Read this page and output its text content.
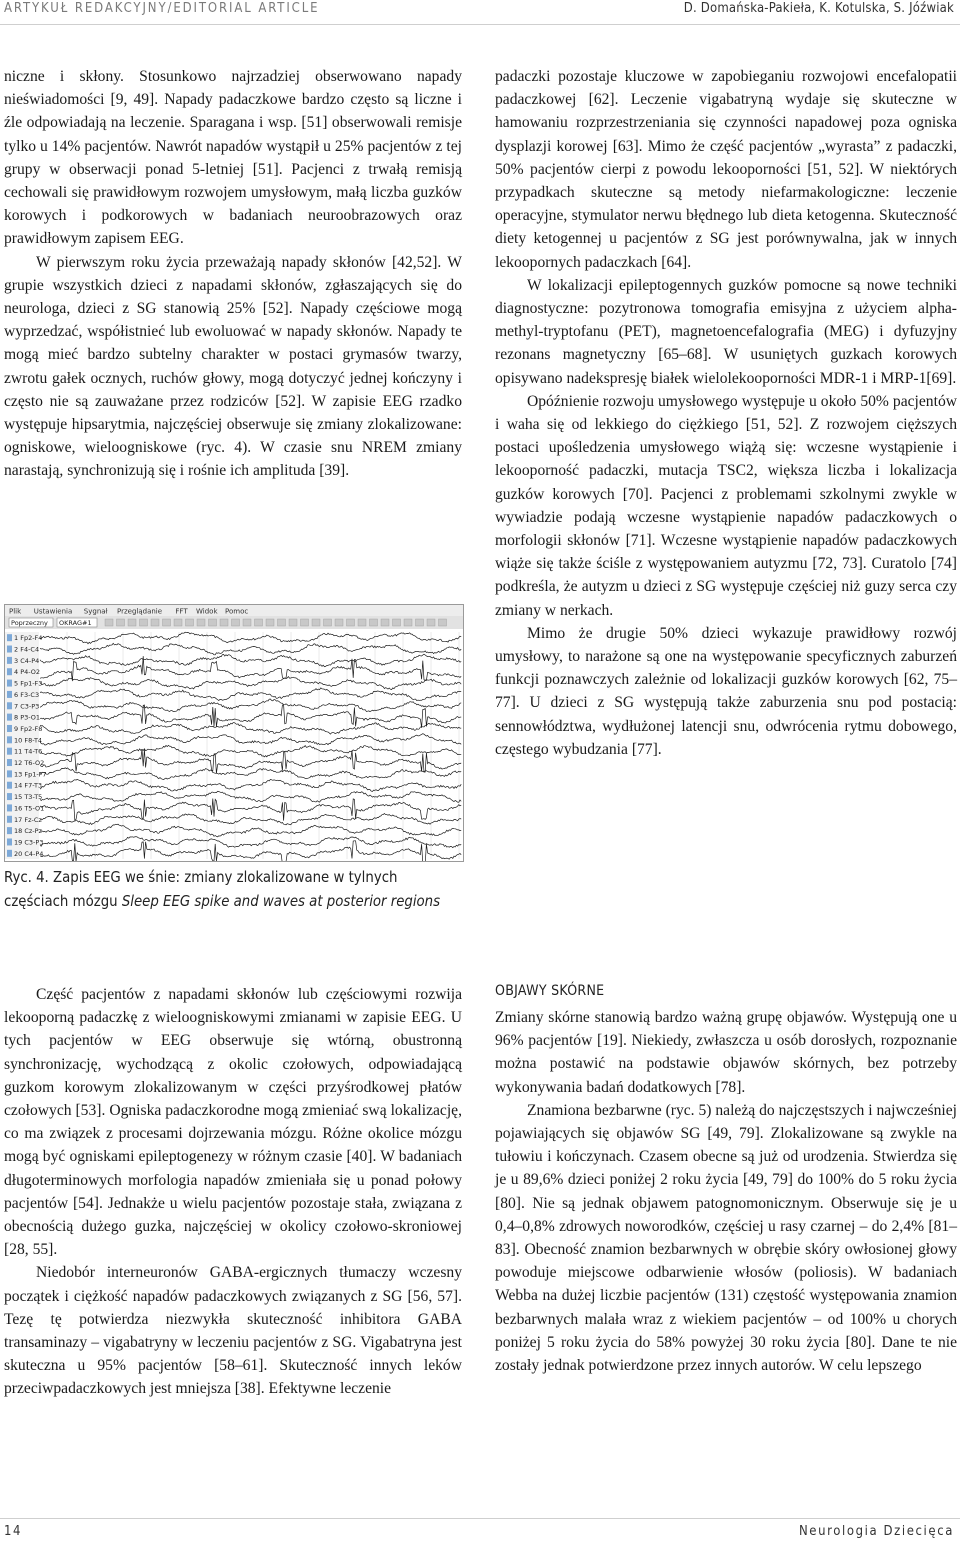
ARTYKUŁ REDAKCYJNY/EDITORIAL ARTICLE	D. Domańska-Pakieła, K. Kotulska, S. Jóźwiak

niczne i skłony. Stosunkowo najrzadziej obserwowano napady nieświadomości [9, 49]. Napady padaczkowe bardzo często są liczne i źle odpowiadają na leczenie. Sparagana i wsp. [51] obserwowali remisje tylko u 14% pacjentów. Nawrót napadów wystąpił u 25% pacjentów z tej grupy w obserwacji ponad 5-letniej [51]. Pacjenci z trwałą remisją cechowali się prawidłowym rozwojem umysłowym, małą liczba guzków korowych i podkorowych w badaniach neuroobrazowych oraz prawidłowym zapisem EEG.

W pierwszym roku życia przeważają napady skłonów [42,52]. W grupie wszystkich dzieci z napadami skłonów, zgłaszających się do neurologa, dzieci z SG stanowią 25% [52]. Napady częściowe mogą wyprzedzać, współistnieć lub ewoluować w napady skłonów. Napady te mogą mieć bardzo subtelny charakter w postaci grymasów twarzy, zwrotu gałek ocznych, ruchów głowy, mogą dotyczyć jednej kończyny i często nie są zauważane przez rodziców [52]. W zapisie EEG rzadko występuje hipsarytmia, najczęściej obserwuje się zmiany zlokalizowane: ogniskowe, wieloogniskowe (ryc. 4). W czasie snu NREM zmiany narastają, synchronizują się i rośnie ich amplituda [39].

Plik Ustawienia Sygnał Przeglądanie FFT Widok Pomoc
Poprzeczny OKRAG#1
1 Fp2-F4
2 F4-C4
3 C4-P4
4 P4-O2
5 Fp1-F3
6 F3-C3
7 C3-P3
8 P3-O1
9 Fp2-F8
10 F8-T4
11 T4-T6
12 T6-O2
13 Fp1-F7
14 F7-T3
15 T3-T5
16 T5-O1
17 Fz-Cz
18 Cz-Pz
19 C3-P3
20 C4-P4
Ryc. 4. Zapis EEG we śnie: zmiany zlokalizowane w tylnych częściach mózgu Sleep EEG spike and waves at posterior regions

Część pacjentów z napadami skłonów lub częściowymi rozwija lekooporną padaczkę z wieloogniskowymi zmianami w zapisie EEG. U tych pacjentów w EEG obserwuje się wtórną, obustronną synchronizację, wychodzącą z okolic czołowych, odpowiadającą guzkom korowym zlokalizowanym w części przyśrodkowej płatów czołowych [53]. Ogniska padaczkorodne mogą zmieniać swą lokalizację, co ma związek z procesami dojrzewania mózgu. Różne okolice mózgu mogą być ogniskami epileptogenezy w różnym czasie [40]. W badaniach długoterminowych morfologia napadów zmieniała się u ponad połowy pacjentów [54]. Jednakże u wielu pacjentów pozostaje stała, związana z obecnością dużego guzka, najczęściej w okolicy czołowo-skroniowej [28, 55].

Niedobór interneuronów GABA-ergicznych tłumaczy wczesny początek i ciężkość napadów padaczkowych związanych z SG [56, 57]. Tezę tę potwierdza niezwykła skuteczność inhibitora GABA transaminazy – vigabatryny w leczeniu pacjentów z SG. Vigabatryna jest skuteczna u 95% pacjentów [58–61]. Skuteczność innych leków przeciwpadaczkowych jest mniejsza [38]. Efektywne leczenie

padaczki pozostaje kluczowe w zapobieganiu rozwojowi encefalopatii padaczkowej [62]. Leczenie vigabatryną wydaje się skuteczne w hamowaniu rozprzestrzeniania się czynności napadowej poza ogniska dysplazji korowej [63]. Mimo że część pacjentów „wyrasta” z padaczki, 50% pacjentów cierpi z powodu lekooporności [51, 52]. W niektórych przypadkach skuteczne są metody niefarmakologiczne: leczenie operacyjne, stymulator nerwu błędnego lub dieta ketogenna. Skuteczność diety ketogennej u pacjentów z SG jest porównywalna, jak w innych lekoopornych padaczkach [64].

W lokalizacji epileptogennych guzków pomocne są nowe techniki diagnostyczne: pozytronowa tomografia emisyjna z użyciem alpha-methyl-tryptofanu (PET), magnetoencefalografia (MEG) i dyfuzyjny rezonans magnetyczny [65–68]. W usuniętych guzkach korowych opisywano nadekspresję białek wielolekooporności MDR-1 i MRP-1[69].

Opóźnienie rozwoju umysłowego występuje u około 50% pacjentów i waha się od lekkiego do ciężkiego [51, 52]. Z rozwojem cięższych postaci upośledzenia umysłowego wiążą się: wczesne wystąpienie i lekooporność padaczki, mutacja TSC2, większa liczba i lokalizacja guzków korowych [70]. Pacjenci z problemami szkolnymi zwykle w wywiadzie podają wczesne wystąpienie napadów padaczkowych o morfologii skłonów [71]. Wczesne wystąpienie napadów padaczkowych wiąże się także ściśle z występowaniem autyzmu [72, 73]. Curatolo [74] podkreśla, że autyzm u dzieci z SG występuje częściej niż guzy serca czy zmiany w nerkach.

Mimo że drugie 50% dzieci wykazuje prawidłowy rozwój umysłowy, to narażone są one na występowanie specyficznych zaburzeń funkcji poznawczych zależnie od lokalizacji guzków korowych [62, 75–77]. U dzieci z SG występują także zaburzenia snu pod postacią: sennowłództwa, wydłużonej latencji snu, odwrócenia rytmu dobowego, częstego wybudzania [77].

OBJAWY SKÓRNE

Zmiany skórne stanowią bardzo ważną grupę objawów. Występują one u 96% pacjentów [19]. Niekiedy, zwłaszcza u osób dorosłych, rozpoznanie można postawić na podstawie objawów skórnych, bez potrzeby wykonywania badań dodatkowych [78].

Znamiona bezbarwne (ryc. 5) należą do najczęstszych i najwcześniej pojawiających się objawów SG [49, 79]. Zlokalizowane są zwykle na tułowiu i kończynach. Czasem obecne są już od urodzenia. Stwierdza się je u 89,6% dzieci poniżej 2 roku życia [49, 79] do 100% do 5 roku życia [80]. Nie są jednak objawem patognomonicznym. Obserwuje się je u 0,4–0,8% zdrowych noworodków, częściej u rasy czarnej – do 2,4% [81–83]. Obecność znamion bezbarwnych w obrębie skóry owłosionej głowy powoduje miejscowe odbarwienie włosów (poliosis). W badaniach Webba na dużej liczbie pacjentów (131) częstość występowania znamion bezbarwnych malała wraz z wiekiem pacjentów – od 100% u chorych poniżej 5 roku życia do 58% powyżej 30 roku życia [80]. Dane te nie zostały jednak potwierdzone przez innych autorów. W celu lepszego

14	Neurologia Dziecięca
